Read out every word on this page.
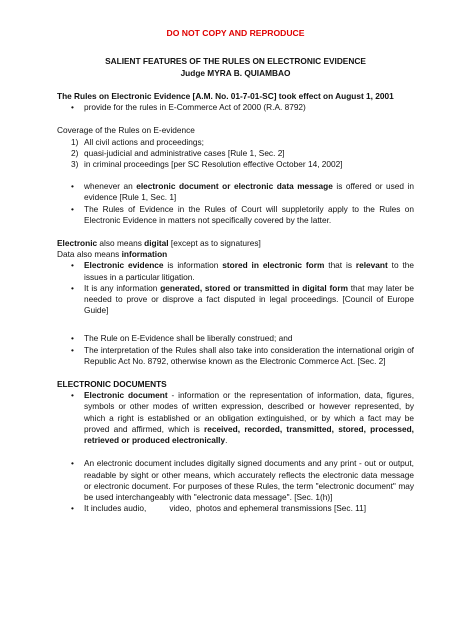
DO NOT COPY AND REPRODUCE
SALIENT FEATURES OF THE RULES ON ELECTRONIC EVIDENCE
Judge MYRA B. QUIAMBAO

The Rules on Electronic Evidence [A.M. No. 01-7-01-SC] took effect on August 1, 2001

• provide for the rules in E-Commerce Act of 2000 (R.A. 8792)

Coverage of the Rules on E-evidence

1) All civil actions and proceedings;
2) quasi-judicial and administrative cases [Rule 1, Sec. 2]
3) in criminal proceedings [per SC Resolution effective October 14, 2002]
• whenever an electronic document or electronic data message is offered or used in evidence [Rule 1, Sec. 1]
• The Rules of Evidence in the Rules of Court will suppletorily apply to the Rules on Electronic Evidence in matters not specifically covered by the latter.

Electronic also means digital [except as to signatures]

Data also means information

• Electronic evidence is information stored in electronic form that is relevant to the issues in a particular litigation.
• It is any information generated, stored or transmitted in digital form that may later be needed to prove or disprove a fact disputed in legal proceedings. [Council of Europe Guide]
• The Rule on E-Evidence shall be liberally construed; and
• The interpretation of the Rules shall also take into consideration the international origin of Republic Act No. 8792, otherwise known as the Electronic Commerce Act. [Sec. 2]

ELECTRONIC DOCUMENTS

• Electronic document - information or the representation of information, data, figures, symbols or other modes of written expression, described or however represented, by which a right is established or an obligation extinguished, or by which a fact may be proved and affirmed, which is received, recorded, transmitted, stored, processed, retrieved or produced electronically.
• An electronic document includes digitally signed documents and any print - out or output, readable by sight or other means, which accurately reflects the electronic data message or electronic document. For purposes of these Rules, the term "electronic document" may be used interchangeably with "electronic data message". [Sec. 1(h)]
• It includes audio,          video,  photos and ephemeral transmissions [Sec. 11]
